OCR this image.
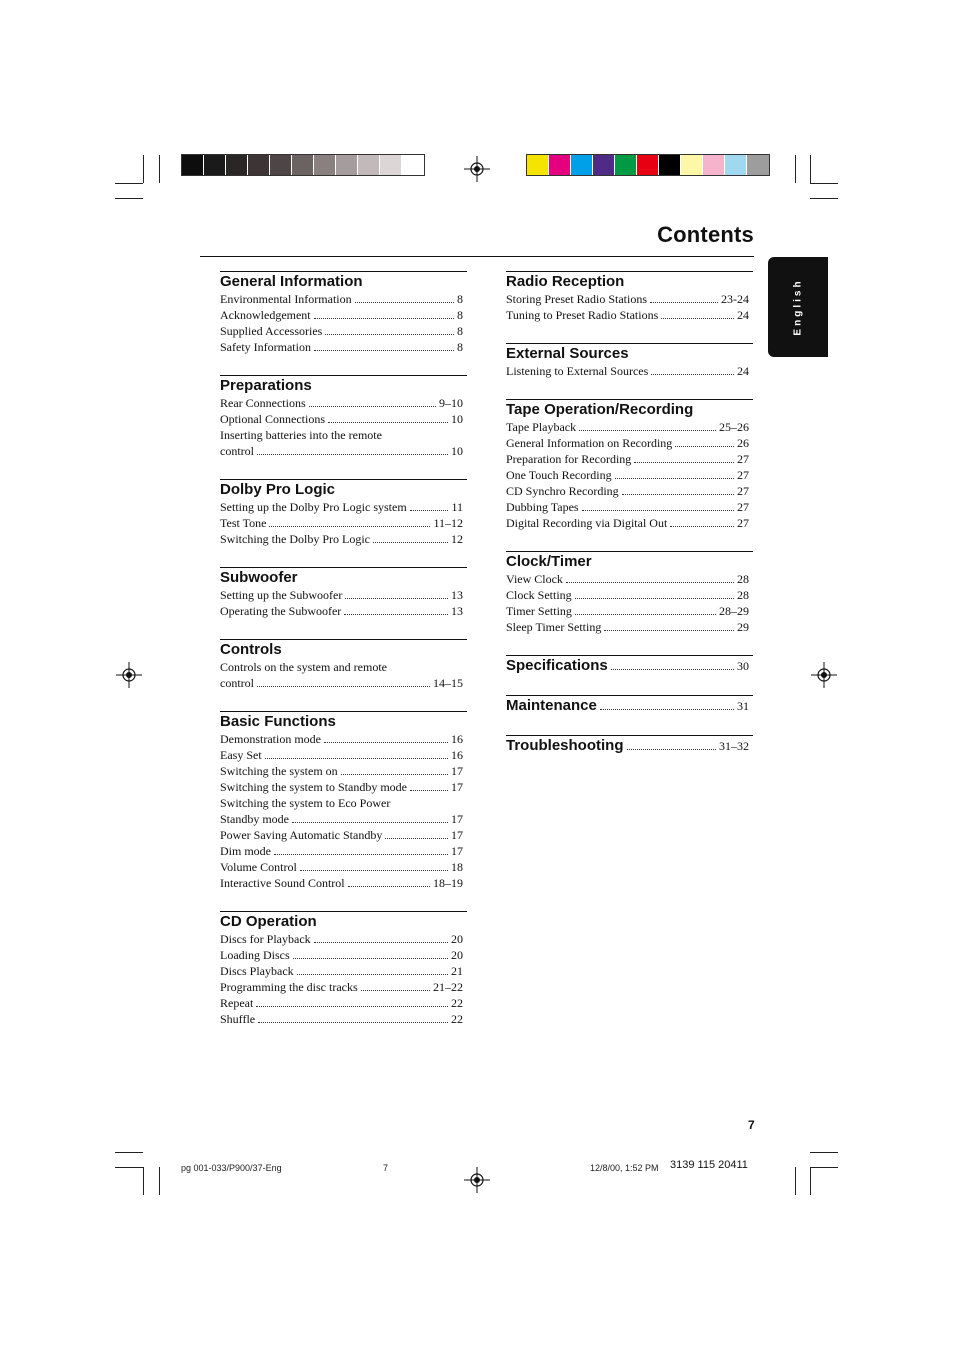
Contents
English
General Information
Environmental Information	8
Acknowledgement	8
Supplied Accessories	8
Safety Information	8
Preparations
Rear Connections	9–10
Optional Connections	10
Inserting batteries into the remote
control	10
Dolby Pro Logic
Setting up the Dolby Pro Logic system	11
Test Tone	11–12
Switching the Dolby Pro Logic	12
Subwoofer
Setting up the Subwoofer	13
Operating the Subwoofer	13
Controls
Controls on the system and remote
control	14–15
Basic Functions
Demonstration mode	16
Easy Set	16
Switching the system on	17
Switching the system to Standby mode	17
Switching the system to Eco Power
Standby mode	17
Power Saving Automatic Standby	17
Dim mode	17
Volume Control	18
Interactive Sound Control	18–19
CD Operation
Discs for Playback	20
Loading Discs	20
Discs Playback	21
Programming the disc tracks	21–22
Repeat	22
Shuffle	22
Radio Reception
Storing Preset Radio Stations	23-24
Tuning to Preset Radio Stations	24
External Sources
Listening to External Sources	24
Tape Operation/Recording
Tape Playback	25–26
General Information on Recording	26
Preparation for Recording	27
One Touch Recording	27
CD Synchro Recording	27
Dubbing Tapes	27
Digital Recording via Digital Out	27
Clock/Timer
View Clock	28
Clock Setting	28
Timer Setting	28–29
Sleep Timer Setting	29
Specifications	30
Maintenance	31
Troubleshooting	31–32
7
pg 001-033/P900/37-Eng	7	12/8/00, 1:52 PM 3139 115 20411
